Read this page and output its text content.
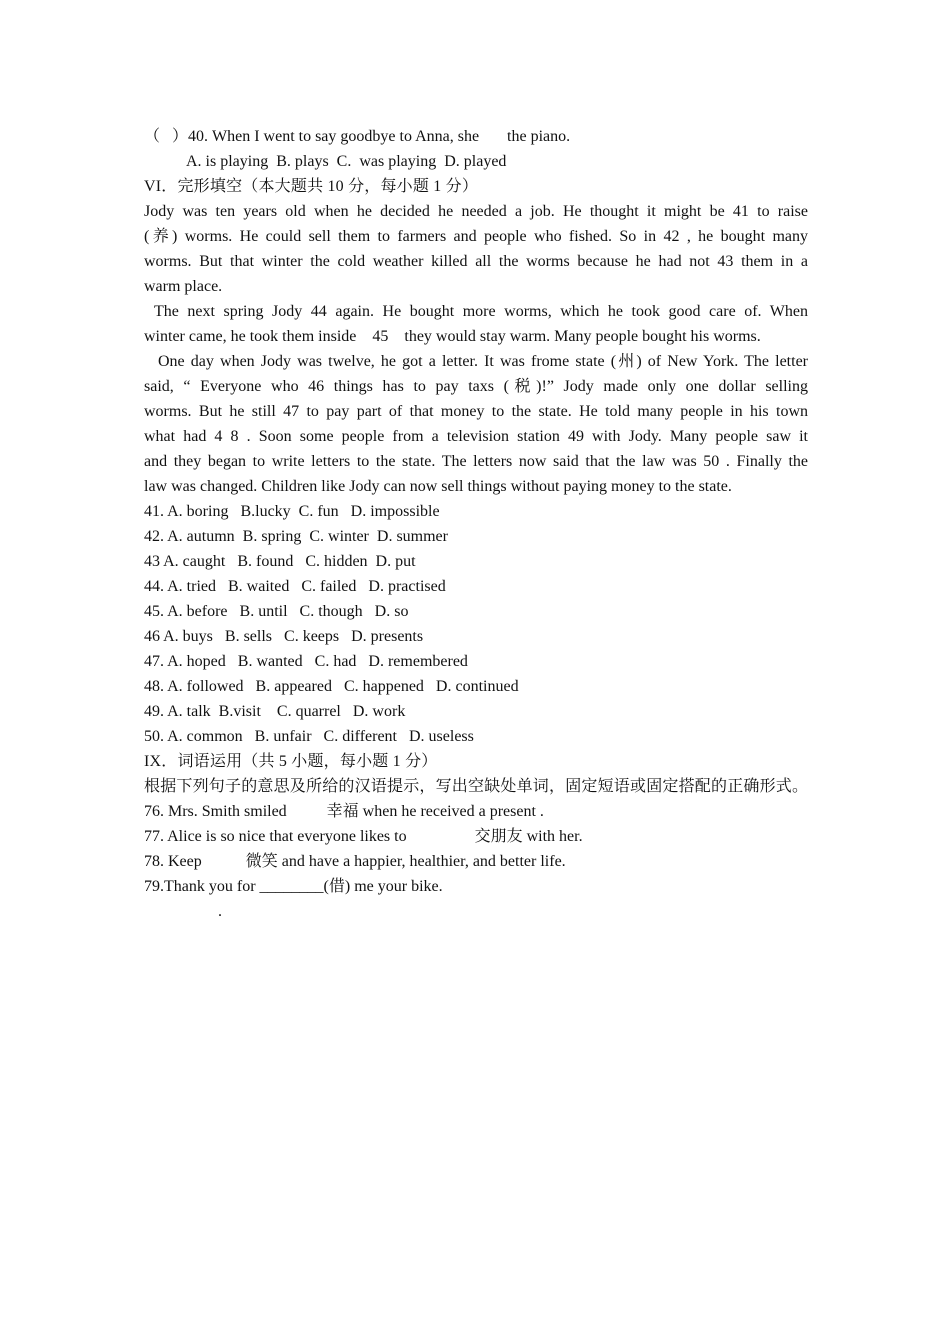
（   ）40. When I went to say goodbye to Anna, she       the piano.
A. is playing  B. plays  C.  was playing  D. played
VI．完形填空（本大题共 10 分，每小题 1 分）
Jody was ten years old when he decided he needed a job. He thought it might be 41 to raise
(养) worms. He could sell them to farmers and people who fished. So in 42 , he bought many
worms. But that winter the cold weather killed all the worms because he had not 43 them in a
warm place.
The next spring Jody 44 again. He bought more worms, which he took good care of. When
winter came, he took them inside    45    they would stay warm. Many people bought his worms.
One day when Jody was twelve, he got a letter. It was frome state (州) of New York. The letter
said, “ Everyone who 46 things has to pay taxs (税)!” Jody made only one dollar selling
worms. But he still 47 to pay part of that money to the state. He told many people in his town
what had 4 8 . Soon some people from a television station 49 with Jody. Many people saw it
and they began to write letters to the state. The letters now said that the law was 50 . Finally the
law was changed. Children like Jody can now sell things without paying money to the state.
41. A. boring   B.lucky  C. fun   D. impossible
42. A. autumn  B. spring  C. winter  D. summer
43 A. caught   B. found   C. hidden  D. put
44. A. tried   B. waited   C. failed   D. practised
45. A. before   B. until   C. though   D. so
46 A. buys   B. sells   C. keeps   D. presents
47. A. hoped   B. wanted   C. had   D. remembered
48. A. followed   B. appeared   C. happened   D. continued
49. A. talk  B.visit    C. quarrel   D. work
50. A. common   B. unfair   C. different   D. useless
IX．词语运用（共 5 小题，每小题 1 分）
根据下列句子的意思及所给的汉语提示，写出空缺处单词，固定短语或固定搭配的正确形式。
76. Mrs. Smith smiled          幸福 when he received a present .
77. Alice is so nice that everyone likes to                 交朋友 with her.
78. Keep           微笑 and have a happier, healthier, and better life.
79.Thank you for ________(借) me your bike.
.
